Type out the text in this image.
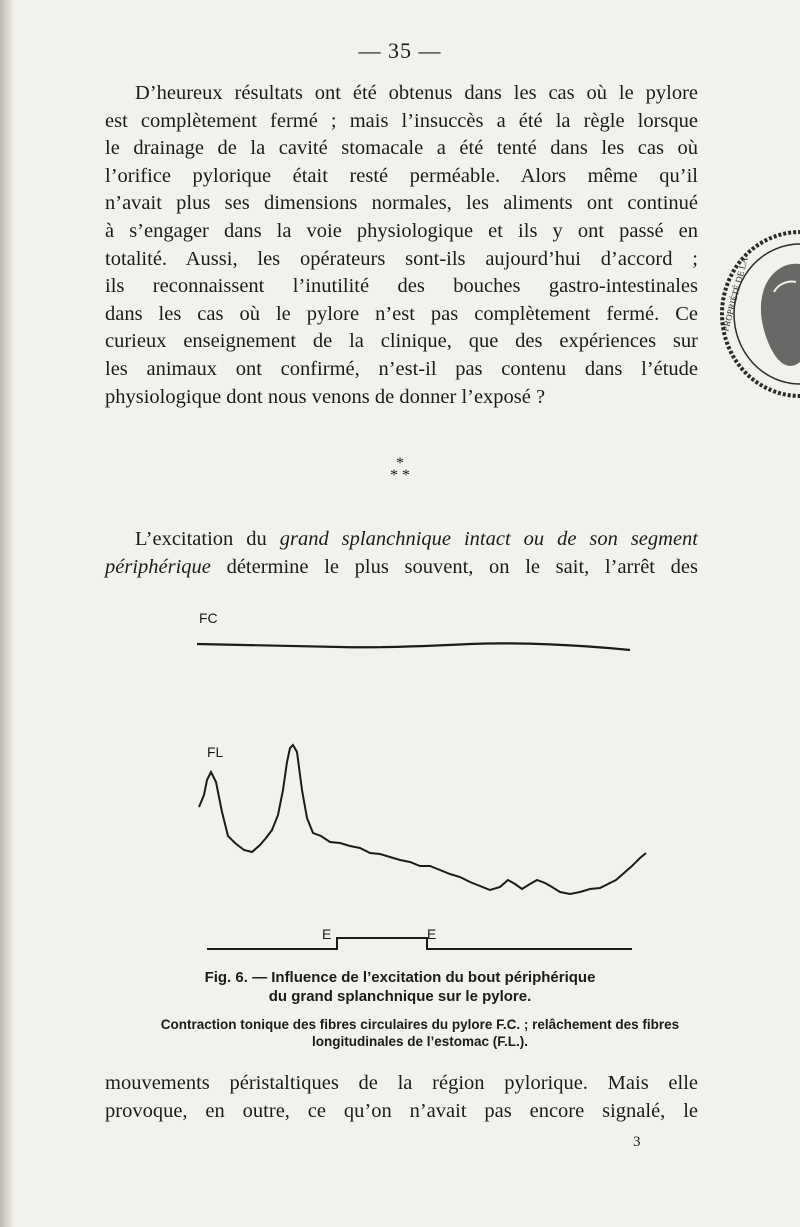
— 35 —
D’heureux résultats ont été obtenus dans les cas où le pylore
est complètement fermé ; mais l’insuccès a été la règle lorsque
le drainage de la cavité stomacale a été tenté dans les cas où
l’orifice pylorique était resté perméable. Alors même qu’il
n’avait plus ses dimensions normales, les aliments ont continué
à s’engager dans la voie physiologique et ils y ont passé en
totalité. Aussi, les opérateurs sont-ils aujourd’hui d’accord ;
ils reconnaissent l’inutilité des bouches gastro-intestinales
dans les cas où le pylore n’est pas complètement fermé. Ce
curieux enseignement de la clinique, que des expériences sur
les animaux ont confirmé, n’est-il pas contenu dans l’étude
physiologique dont nous venons de donner l’exposé ?
*
* *
L’excitation du grand splanchnique intact ou de son segment
périphérique détermine le plus souvent, on le sait, l’arrêt des
FC
FL
E	E
Fig. 6. — Influence de l’excitation du bout périphérique
du grand splanchnique sur le pylore.
Contraction tonique des fibres circulaires du pylore F.C. ; relâchement des fibres
longitudinales de l’estomac (F.L.).
mouvements péristaltiques de la région pylorique. Mais elle
provoque, en outre, ce qu’on n’avait pas encore signalé, le
3
PROPRIÉTÉ DE LA
